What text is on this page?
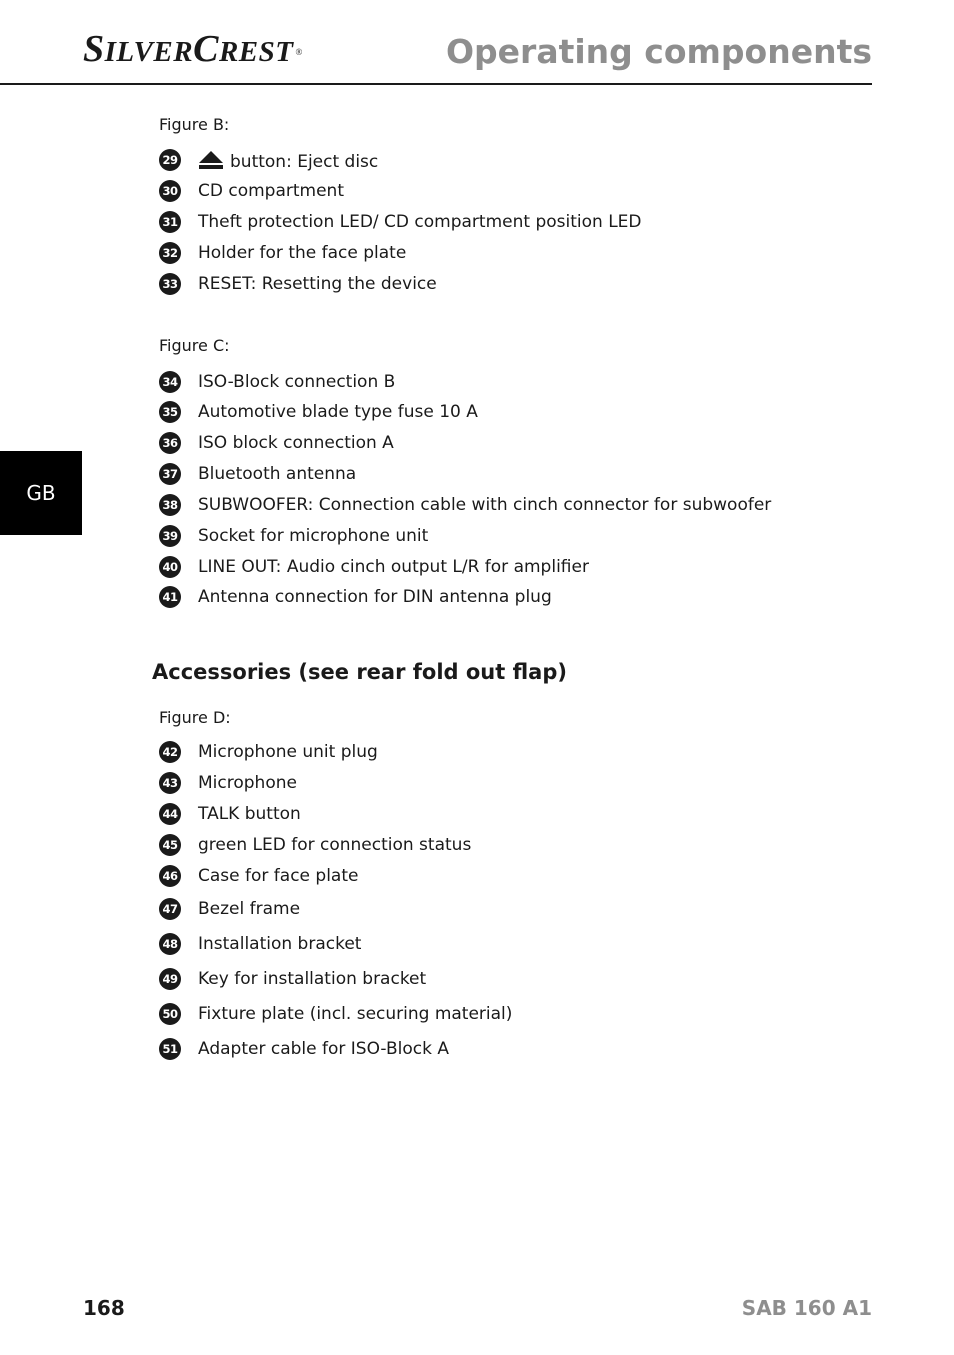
SILVERCREST ®	Operating components
GB
Figure B:
29	button: Eject disc
30 CD compartment
31 Theft protection LED/ CD compartment position LED
32 Holder for the face plate
33 RESET: Resetting the device
Figure C:
34 ISO-Block connection B
35 Automotive blade type fuse 10 A
36 ISO block connection A
37 Bluetooth antenna
38 SUBWOOFER: Connection cable with cinch connector for subwoofer
39 Socket for microphone unit
40 LINE OUT: Audio cinch output L/R for amplifier
41 Antenna connection for DIN antenna plug
Accessories (see rear fold out flap)
Figure D:
42 Microphone unit plug
43 Microphone
44 TALK button
45 green LED for connection status
46 Case for face plate
47 Bezel frame
48 Installation bracket
49 Key for installation bracket
50 Fixture plate (incl. securing material)
51 Adapter cable for ISO-Block A
168	SAB 160 A1
